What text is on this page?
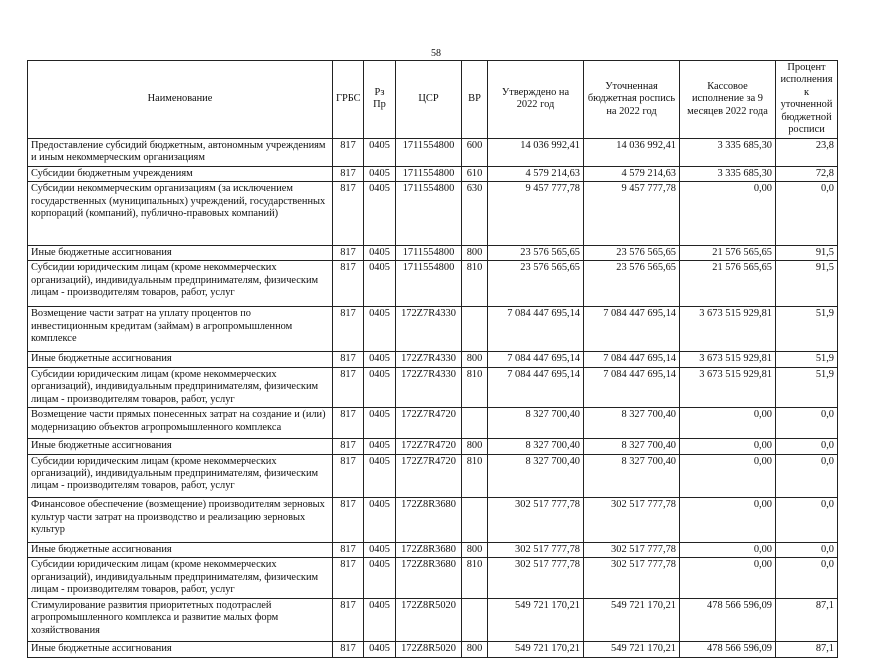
58
Наименование	ГРБС	Рз Пр	ЦСР	ВР	Утверждено на 2022 год	Уточненная бюджетная роспись на 2022 год	Кассовое исполнение за 9 месяцев 2022 года	Процент исполнения к уточненной бюджетной росписи
Предоставление субсидий бюджетным, автономным учреждениям и иным некоммерческим организациям	817	0405	1711554800	600	14 036 992,41	14 036 992,41	3 335 685,30	23,8
Субсидии бюджетным учреждениям	817	0405	1711554800	610	4 579 214,63	4 579 214,63	3 335 685,30	72,8
Субсидии некоммерческим организациям (за исключением государственных (муниципальных) учреждений, государственных корпораций (компаний), публично-правовых компаний)	817	0405	1711554800	630	9 457 777,78	9 457 777,78	0,00	0,0
Иные бюджетные ассигнования	817	0405	1711554800	800	23 576 565,65	23 576 565,65	21 576 565,65	91,5
Субсидии юридическим лицам (кроме некоммерческих организаций), индивидуальным предпринимателям, физическим лицам - производителям товаров, работ, услуг	817	0405	1711554800	810	23 576 565,65	23 576 565,65	21 576 565,65	91,5
Возмещение части затрат на уплату процентов по инвестиционным кредитам (займам) в агропромышленном комплексе	817	0405	172Z7R4330		7 084 447 695,14	7 084 447 695,14	3 673 515 929,81	51,9
Иные бюджетные ассигнования	817	0405	172Z7R4330	800	7 084 447 695,14	7 084 447 695,14	3 673 515 929,81	51,9
Субсидии юридическим лицам (кроме некоммерческих организаций), индивидуальным предпринимателям, физическим лицам - производителям товаров, работ, услуг	817	0405	172Z7R4330	810	7 084 447 695,14	7 084 447 695,14	3 673 515 929,81	51,9
Возмещение части прямых понесенных затрат на создание и (или) модернизацию объектов агропромышленного комплекса	817	0405	172Z7R4720		8 327 700,40	8 327 700,40	0,00	0,0
Иные бюджетные ассигнования	817	0405	172Z7R4720	800	8 327 700,40	8 327 700,40	0,00	0,0
Субсидии юридическим лицам (кроме некоммерческих организаций), индивидуальным предпринимателям, физическим лицам - производителям товаров, работ, услуг	817	0405	172Z7R4720	810	8 327 700,40	8 327 700,40	0,00	0,0
Финансовое обеспечение (возмещение) производителям зерновых культур части затрат на производство и реализацию зерновых культур	817	0405	172Z8R3680		302 517 777,78	302 517 777,78	0,00	0,0
Иные бюджетные ассигнования	817	0405	172Z8R3680	800	302 517 777,78	302 517 777,78	0,00	0,0
Субсидии юридическим лицам (кроме некоммерческих организаций), индивидуальным предпринимателям, физическим лицам - производителям товаров, работ, услуг	817	0405	172Z8R3680	810	302 517 777,78	302 517 777,78	0,00	0,0
Стимулирование развития приоритетных подотраслей агропромышленного комплекса и развитие малых форм хозяйствования	817	0405	172Z8R5020		549 721 170,21	549 721 170,21	478 566 596,09	87,1
Иные бюджетные ассигнования	817	0405	172Z8R5020	800	549 721 170,21	549 721 170,21	478 566 596,09	87,1
